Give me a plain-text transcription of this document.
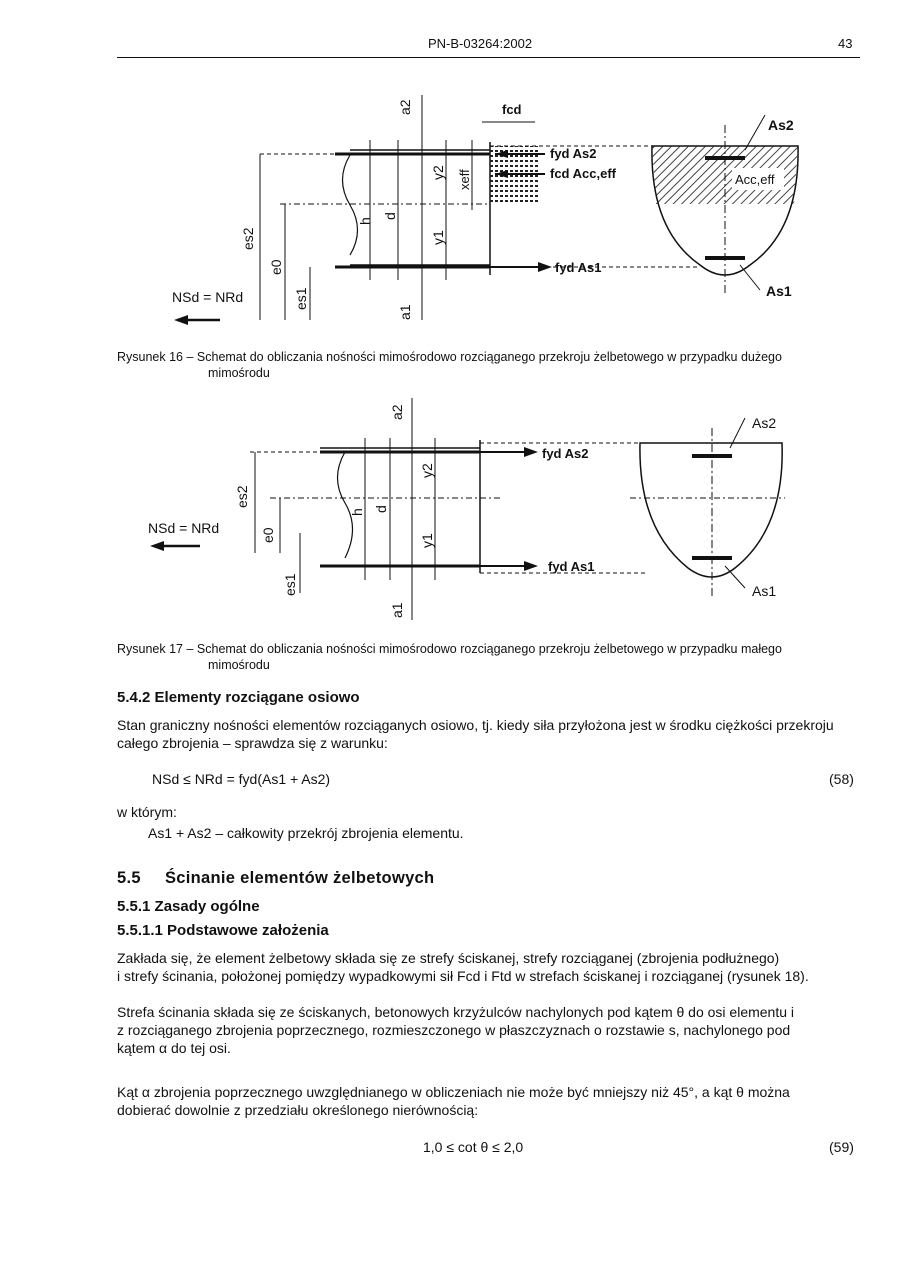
PN-B-03264:2002	43
fcd
fyd As2
fcd Acc,eff
fyd As1
es2
e0
es1
a2
a1
h
d
y2
y1
xeff
NSd = NRd
Acc,eff
As2
As1
Rysunek 16 – Schemat do obliczania nośności mimośrodowo rozciąganego przekroju żelbetowego w przypadku dużego
mimośrodu
fyd As2
fyd As1
es2
e0
es1
a2
a1
h d
y2
y1
NSd = NRd
As2
As1
Rysunek 17 – Schemat do obliczania nośności mimośrodowo rozciąganego przekroju żelbetowego w przypadku małego
mimośrodu
5.4.2 Elementy rozciągane osiowo
Stan graniczny nośności elementów rozciąganych osiowo, tj. kiedy siła przyłożona jest w środku ciężkości przekroju
całego zbrojenia – sprawdza się z warunku:
NSd ≤ NRd = fyd(As1 + As2)	(58)
w którym:
As1 + As2 – całkowity przekrój zbrojenia elementu.
5.5 Ścinanie elementów żelbetowych
5.5.1 Zasady ogólne
5.5.1.1 Podstawowe założenia
Zakłada się, że element żelbetowy składa się ze strefy ściskanej, strefy rozciąganej (zbrojenia podłużnego)
i strefy ścinania, położonej pomiędzy wypadkowymi sił Fcd i Ftd w strefach ściskanej i rozciąganej (rysunek 18).
Strefa ścinania składa się ze ściskanych, betonowych krzyżulców nachylonych pod kątem θ do osi elementu i
z rozciąganego zbrojenia poprzecznego, rozmieszczonego w płaszczyznach o rozstawie s, nachylonego pod
kątem α do tej osi.
Kąt α zbrojenia poprzecznego uwzględnianego w obliczeniach nie może być mniejszy niż 45°, a kąt θ można
dobierać dowolnie z przedziału określonego nierównością:
1,0 ≤ cot θ ≤ 2,0	(59)
